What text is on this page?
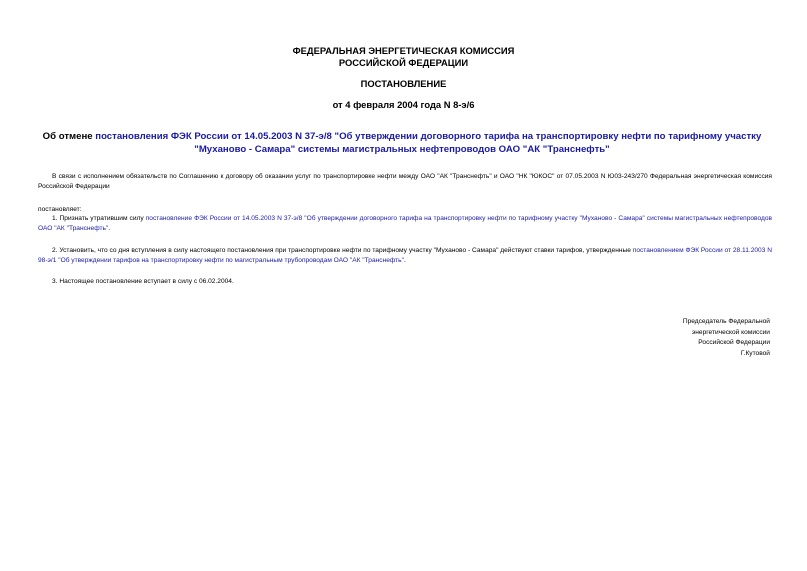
ФЕДЕРАЛЬНАЯ ЭНЕРГЕТИЧЕСКАЯ КОМИССИЯ
РОССИЙСКОЙ ФЕДЕРАЦИИ
ПОСТАНОВЛЕНИЕ
от 4 февраля 2004 года N 8-э/6
Об отмене постановления ФЭК России от 14.05.2003 N 37-э/8 "Об утверждении договорного тарифа на транспортировку нефти по тарифному участку "Муханово - Самара" системы магистральных нефтепроводов ОАО "АК "Транснефть"
В связи с исполнением обязательств по Соглашению к договору об оказании услуг по транспортировке нефти между ОАО "АК "Транснефть" и ОАО "НК "ЮКОС" от 07.05.2003 N Ю03-243/270 Федеральная энергетическая комиссия Российской Федерации
постановляет:
1. Признать утратившим силу постановление ФЭК России от 14.05.2003 N 37-э/8 "Об утверждении договорного тарифа на транспортировку нефти по тарифному участку "Муханово - Самара" системы магистральных нефтепроводов ОАО "АК "Транснефть".
2. Установить, что со дня вступления в силу настоящего постановления при транспортировке нефти по тарифному участку "Муханово - Самара" действуют ставки тарифов, утвержденные постановлением ФЭК России от 28.11.2003 N 98-э/1 "Об утверждении тарифов на транспортировку нефти по магистральным трубопроводам ОАО "АК "Транснефть".
3. Настоящее постановление вступает в силу с 06.02.2004.
Председатель Федеральной
энергетической комиссии
Российской Федерации
Г.Кутовой
